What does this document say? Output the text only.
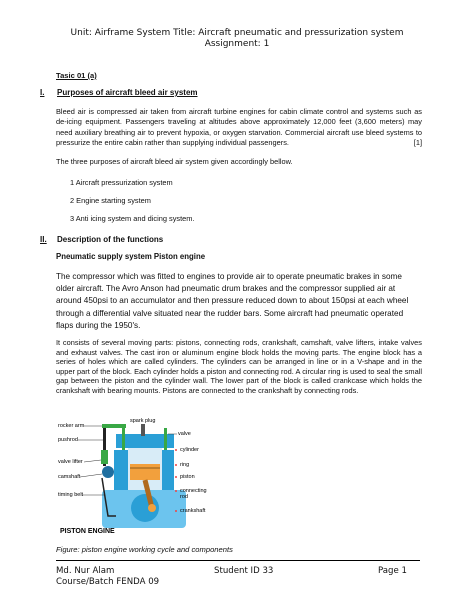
Unit: Airframe System Title: Aircraft pneumatic and pressurization system
Assignment: 1
Tasic 01 (a)
I. Purposes of aircraft bleed air system
Bleed air is compressed air taken from aircraft turbine engines for cabin climate control and systems such as de-icing equipment. Passengers traveling at altitudes above approximately 12,000 feet (3,600 meters) may need auxiliary breathing air to prevent hypoxia, or oxygen starvation. Commercial aircraft use bleed systems to pressurize the entire cabin rather than supplying individual passengers.	[1]
The three purposes of aircraft bleed air system given accordingly bellow.
1 Aircraft pressurization system
2 Engine starting system
3 Anti icing system and dicing system.
II. Description of the functions
Pneumatic supply system Piston engine
The compressor which was fitted to engines to provide air to operate pneumatic brakes in some older aircraft. The Avro Anson had pneumatic drum brakes and the compressor supplied air at around 450psi to an accumulator and then pressure reduced down to about 150psi at each wheel through a differential valve situated near the rudder bars. Some aircraft had pneumatic operated flaps during the 1950's.
It consists of several moving parts: pistons, connecting rods, crankshaft, camshaft, valve lifters, intake valves and exhaust valves. The cast iron or aluminum engine block holds the moving parts. The engine block has a series of holes which are called cylinders. The cylinders can be arranged in line or in a V-shape and in the upper part of the block. Each cylinder holds a piston and connecting rod. A circular ring is used to seal the small gap between the piston and the cylinder wall. The lower part of the block is called crankcase which holds the crankshaft with bearing mounts. Pistons are connected to the crankshaft by connecting rods.
rocker arm
pushrod
valve lifter
camshaft
timing belt
spark plug
valve
cylinder
ring
piston
connecting
rod
crankshaft
PISTON ENGINE
Figure: piston engine working cycle and components
Md. Nur Alam
Course/Batch FENDA 09
Student ID 33	Page 1
